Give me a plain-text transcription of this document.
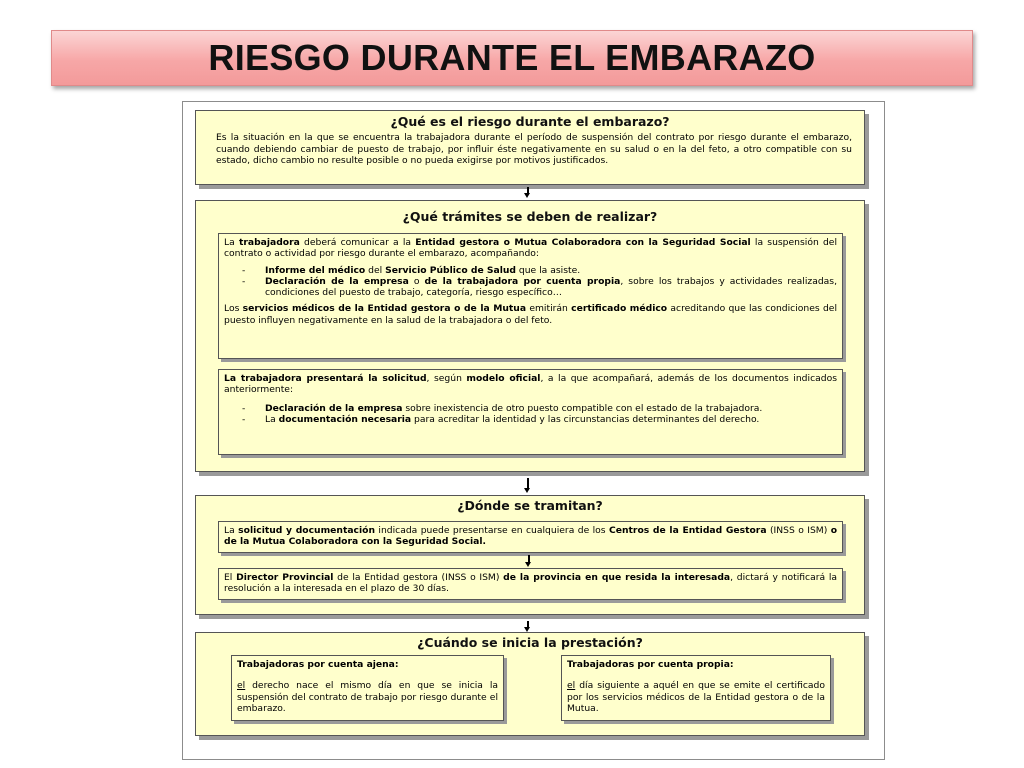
RIESGO DURANTE EL EMBARAZO
¿Qué es el riesgo durante el embarazo?
Es la situación en la que se encuentra la trabajadora durante el período de suspensión del contrato por riesgo durante el embarazo, cuando debiendo cambiar de puesto de trabajo, por influir éste negativamente en su salud o en la del feto, a otro compatible con su estado, dicho cambio no resulte posible o no pueda exigirse por motivos justificados.
¿Qué trámites se deben de realizar?
La trabajadora deberá comunicar a la Entidad gestora o Mutua Colaboradora con la Seguridad Social la suspensión del contrato o actividad por riesgo durante el embarazo, acompañando:
- Informe del médico del Servicio Público de Salud que la asiste.
- Declaración de la empresa o de la trabajadora por cuenta propia, sobre los trabajos y actividades realizadas, condiciones del puesto de trabajo, categoría, riesgo específico…
Los servicios médicos de la Entidad gestora o de la Mutua emitirán certificado médico acreditando que las condiciones del puesto influyen negativamente en la salud de la trabajadora o del feto.
La trabajadora presentará la solicitud, según modelo oficial, a la que acompañará, además de los documentos indicados anteriormente:
- Declaración de la empresa sobre inexistencia de otro puesto compatible con el estado de la trabajadora.
- La documentación necesaria para acreditar la identidad y las circunstancias determinantes del derecho.
¿Dónde se tramitan?
La solicitud y documentación indicada puede presentarse en cualquiera de los Centros de la Entidad Gestora (INSS o ISM) o de la Mutua Colaboradora con la Seguridad Social.
El Director Provincial de la Entidad gestora (INSS o ISM) de la provincia en que resida la interesada, dictará y notificará la resolución a la interesada en el plazo de 30 días.
¿Cuándo se inicia la prestación?
Trabajadoras por cuenta ajena:
el derecho nace el mismo día en que se inicia la suspensión del contrato de trabajo por riesgo durante el embarazo.
Trabajadoras por cuenta propia:
el día siguiente a aquél en que se emite el certificado por los servicios médicos de la Entidad gestora o de la Mutua.
